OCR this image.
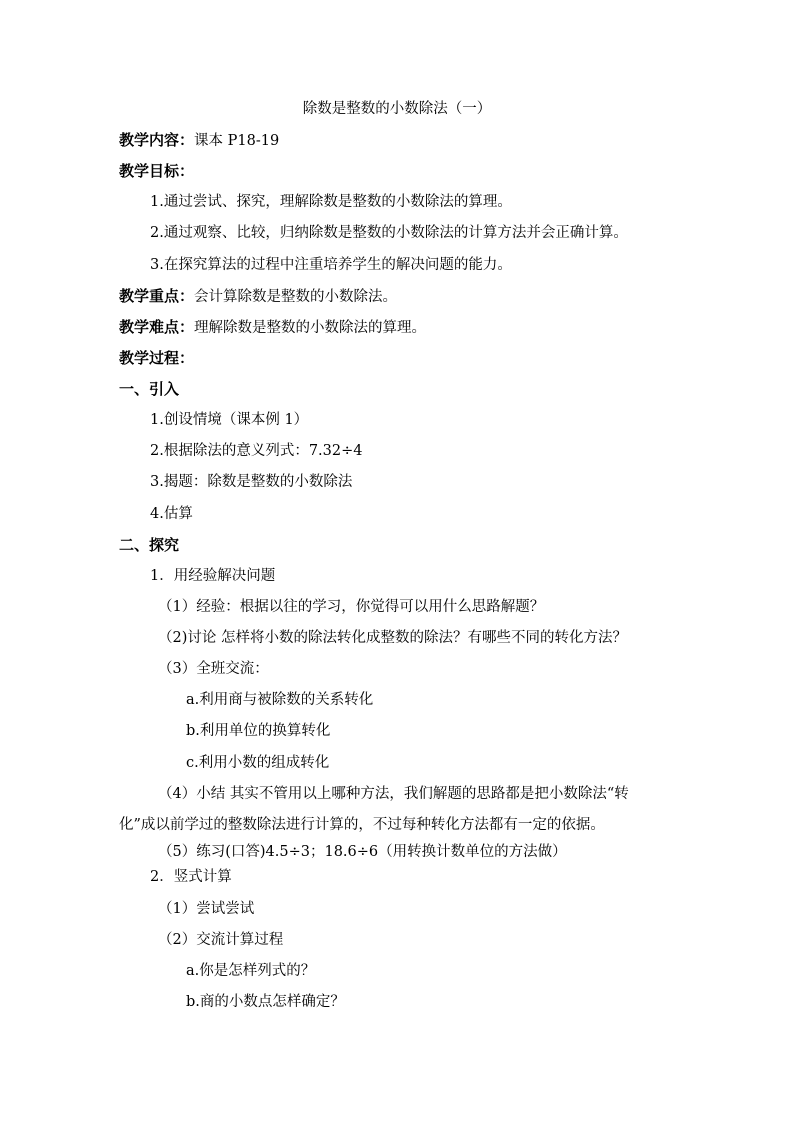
除数是整数的小数除法（一）
教学内容：课本 P18-19
教学目标：
1.通过尝试、探究，理解除数是整数的小数除法的算理。
2.通过观察、比较，归纳除数是整数的小数除法的计算方法并会正确计算。
3.在探究算法的过程中注重培养学生的解决问题的能力。
教学重点：会计算除数是整数的小数除法。
教学难点：理解除数是整数的小数除法的算理。
教学过程：
一、引入
1.创设情境（课本例 1）
2.根据除法的意义列式：7.32÷4
3.揭题：除数是整数的小数除法
4.估算
二、探究
1．用经验解决问题
（1）经验：根据以往的学习，你觉得可以用什么思路解题？
（2)讨论 怎样将小数的除法转化成整数的除法？有哪些不同的转化方法？
（3）全班交流：
a.利用商与被除数的关系转化
b.利用单位的换算转化
c.利用小数的组成转化
（4）小结 其实不管用以上哪种方法，我们解题的思路都是把小数除法“转
化”成以前学过的整数除法进行计算的，不过每种转化方法都有一定的依据。
（5）练习(口答)4.5÷3；18.6÷6（用转换计数单位的方法做）
2．竖式计算
（1）尝试尝试
（2）交流计算过程
a.你是怎样列式的？
b.商的小数点怎样确定？
